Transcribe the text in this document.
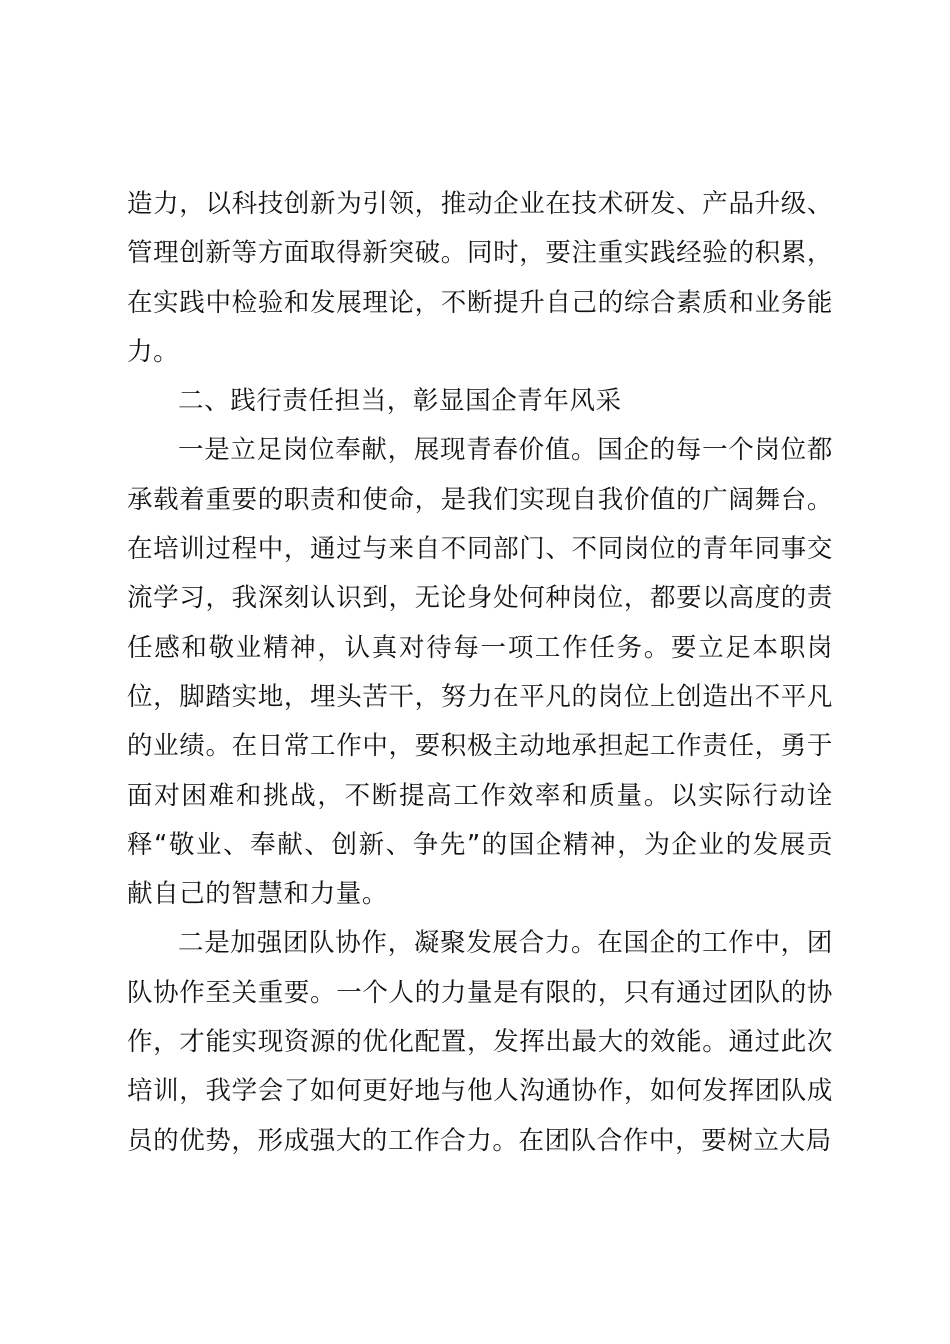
造力，以科技创新为引领，推动企业在技术研发、产品升级、管理创新等方面取得新突破。同时，要注重实践经验的积累，在实践中检验和发展理论，不断提升自己的综合素质和业务能力。

二、践行责任担当，彰显国企青年风采

一是立足岗位奉献，展现青春价值。国企的每一个岗位都承载着重要的职责和使命，是我们实现自我价值的广阔舞台。在培训过程中，通过与来自不同部门、不同岗位的青年同事交流学习，我深刻认识到，无论身处何种岗位，都要以高度的责任感和敬业精神，认真对待每一项工作任务。要立足本职岗位，脚踏实地，埋头苦干，努力在平凡的岗位上创造出不平凡的业绩。在日常工作中，要积极主动地承担起工作责任，勇于面对困难和挑战，不断提高工作效率和质量。以实际行动诠释“敬业、奉献、创新、争先”的国企精神，为企业的发展贡献自己的智慧和力量。

二是加强团队协作，凝聚发展合力。在国企的工作中，团队协作至关重要。一个人的力量是有限的，只有通过团队的协作，才能实现资源的优化配置，发挥出最大的效能。通过此次培训，我学会了如何更好地与他人沟通协作，如何发挥团队成员的优势，形成强大的工作合力。在团队合作中，要树立大局
